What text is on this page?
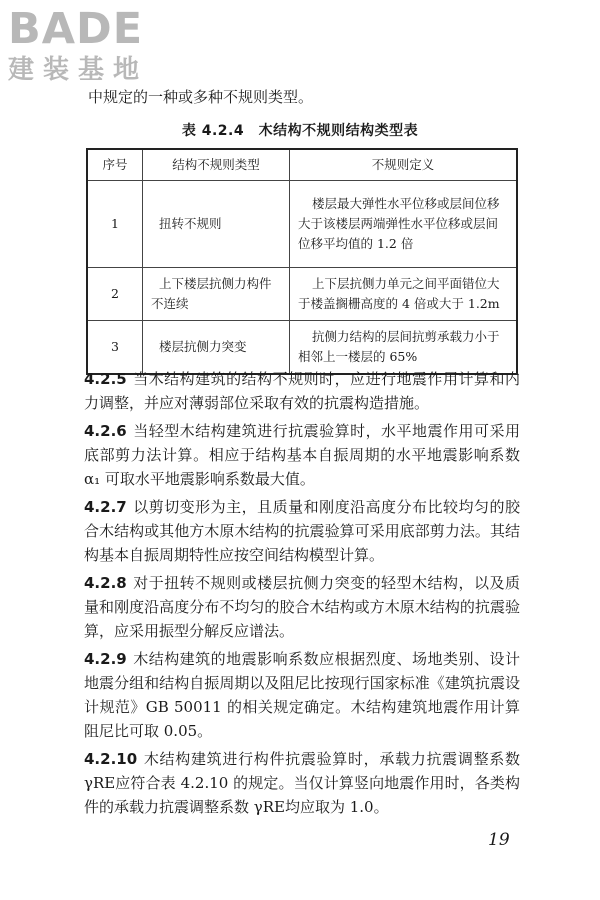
BADE
建装基地
中规定的一种或多种不规则类型。
表 4.2.4　木结构不规则结构类型表
序号	结构不规则类型	不规则定义
1	扭转不规则	楼层最大弹性水平位移或层间位移大于该楼层两端弹性水平位移或层间位移平均值的 1.2 倍
2	上下楼层抗侧力构件不连续	上下层抗侧力单元之间平面错位大于楼盖搁栅高度的 4 倍或大于 1.2m
3	楼层抗侧力突变	抗侧力结构的层间抗剪承载力小于相邻上一楼层的 65%

4.2.5 当木结构建筑的结构不规则时，应进行地震作用计算和内力调整，并应对薄弱部位采取有效的抗震构造措施。

4.2.6 当轻型木结构建筑进行抗震验算时，水平地震作用可采用底部剪力法计算。相应于结构基本自振周期的水平地震影响系数 α₁ 可取水平地震影响系数最大值。

4.2.7 以剪切变形为主，且质量和刚度沿高度分布比较均匀的胶合木结构或其他方木原木结构的抗震验算可采用底部剪力法。其结构基本自振周期特性应按空间结构模型计算。

4.2.8 对于扭转不规则或楼层抗侧力突变的轻型木结构，以及质量和刚度沿高度分布不均匀的胶合木结构或方木原木结构的抗震验算，应采用振型分解反应谱法。

4.2.9 木结构建筑的地震影响系数应根据烈度、场地类别、设计地震分组和结构自振周期以及阻尼比按现行国家标准《建筑抗震设计规范》GB 50011 的相关规定确定。木结构建筑地震作用计算阻尼比可取 0.05。

4.2.10 木结构建筑进行构件抗震验算时，承载力抗震调整系数 γRE应符合表 4.2.10 的规定。当仅计算竖向地震作用时，各类构件的承载力抗震调整系数 γRE均应取为 1.0。

19
